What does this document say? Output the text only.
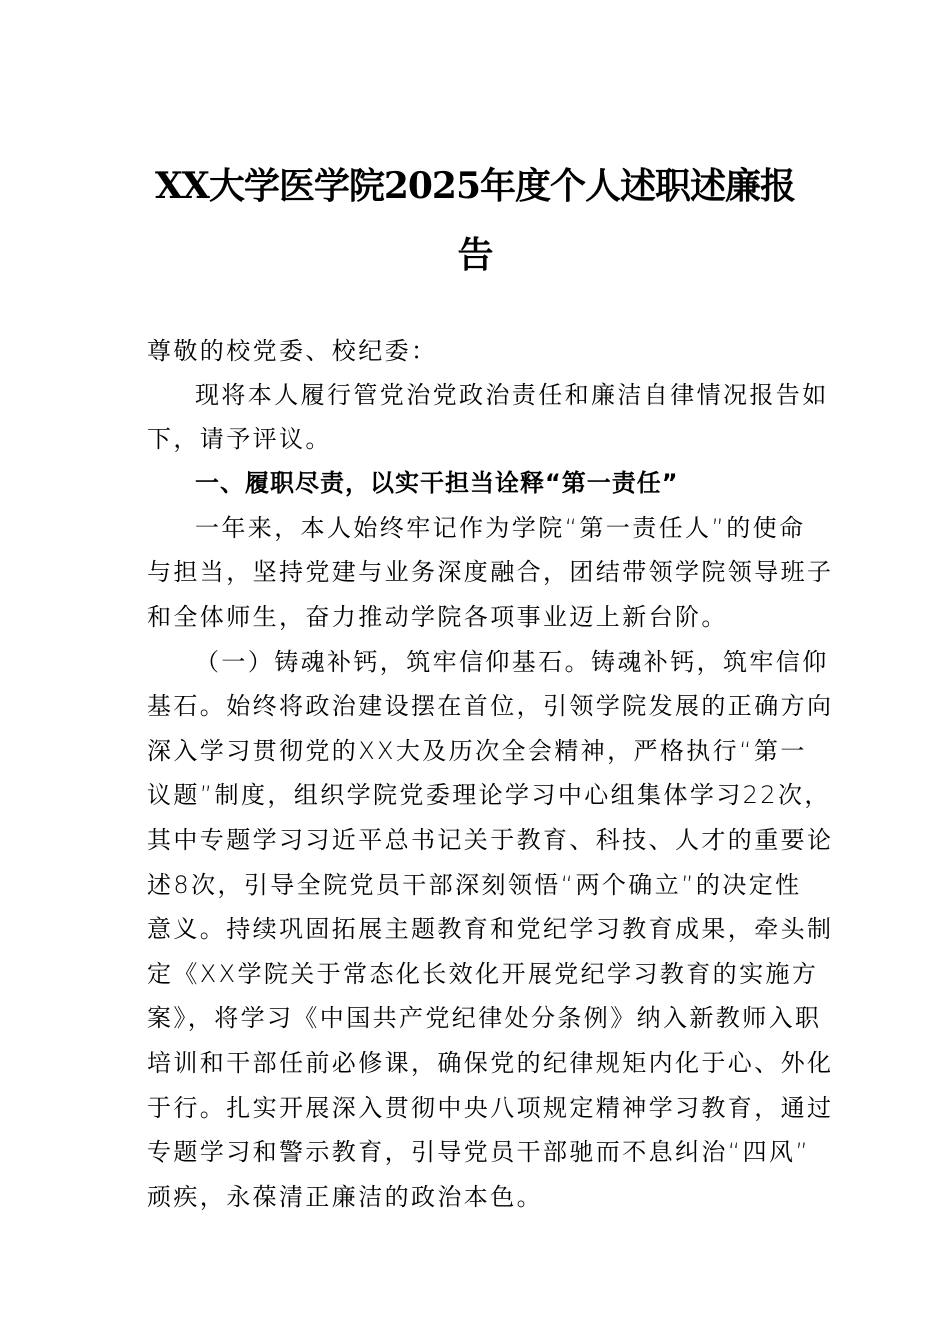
XX大学医学院2025年度个人述职述廉报
告
尊敬的校党委、校纪委：
现将本人履行管党治党政治责任和廉洁自律情况报告如
下，请予评议。
一、履职尽责，以实干担当诠释“第一责任”
一年来，本人始终牢记作为学院“第一责任人”的使命
与担当，坚持党建与业务深度融合，团结带领学院领导班子
和全体师生，奋力推动学院各项事业迈上新台阶。
（一）铸魂补钙，筑牢信仰基石。铸魂补钙，筑牢信仰
基石。始终将政治建设摆在首位，引领学院发展的正确方向
深入学习贯彻党的XX大及历次全会精神，严格执行“第一
议题”制度，组织学院党委理论学习中心组集体学习22次，
其中专题学习习近平总书记关于教育、科技、人才的重要论
述8次，引导全院党员干部深刻领悟“两个确立”的决定性
意义。持续巩固拓展主题教育和党纪学习教育成果，牵头制
定《XX学院关于常态化长效化开展党纪学习教育的实施方
案》，将学习《中国共产党纪律处分条例》纳入新教师入职
培训和干部任前必修课，确保党的纪律规矩内化于心、外化
于行。扎实开展深入贯彻中央八项规定精神学习教育，通过
专题学习和警示教育，引导党员干部驰而不息纠治“四风”
顽疾，永葆清正廉洁的政治本色。
